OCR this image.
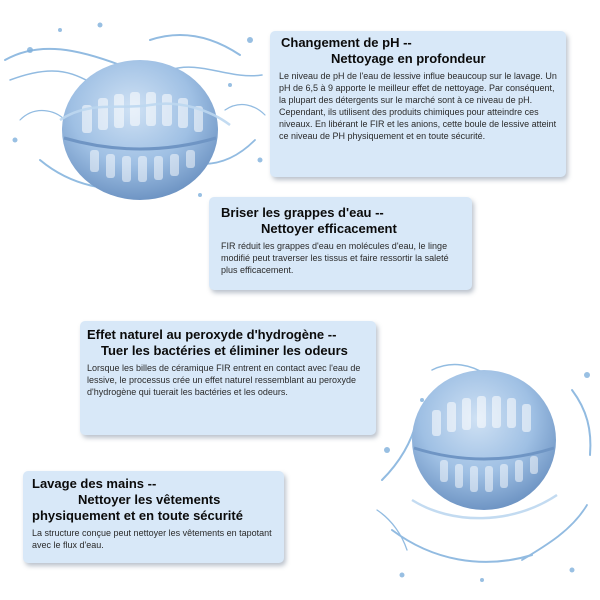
Changement de pH --
Nettoyage en profondeur
Le niveau de pH de l'eau de lessive influe beaucoup sur le lavage. Un pH de 6,5 à 9 apporte le meilleur effet de nettoyage. Par conséquent, la plupart des détergents sur le marché sont à ce niveau de pH. Cependant, ils utilisent des produits chimiques pour atteindre ces niveaux. En libérant le FIR et les anions, cette boule de lessive atteint ce niveau de PH physiquement et en toute sécurité.
Briser les grappes d'eau --
Nettoyer efficacement
FIR réduit les grappes d'eau en molécules d'eau, le linge modifié peut traverser les tissus et faire ressortir la saleté plus efficacement.
Effet naturel au peroxyde d'hydrogène --
Tuer les bactéries et éliminer les odeurs
Lorsque les billes de céramique FIR entrent en contact avec l'eau de lessive, le processus crée un effet naturel ressemblant au peroxyde d'hydrogène qui tuerait les bactéries et les odeurs.
Lavage des mains --
Nettoyer les vêtements
physiquement et en toute sécurité
La structure conçue peut nettoyer les vêtements en tapotant avec le flux d'eau.
